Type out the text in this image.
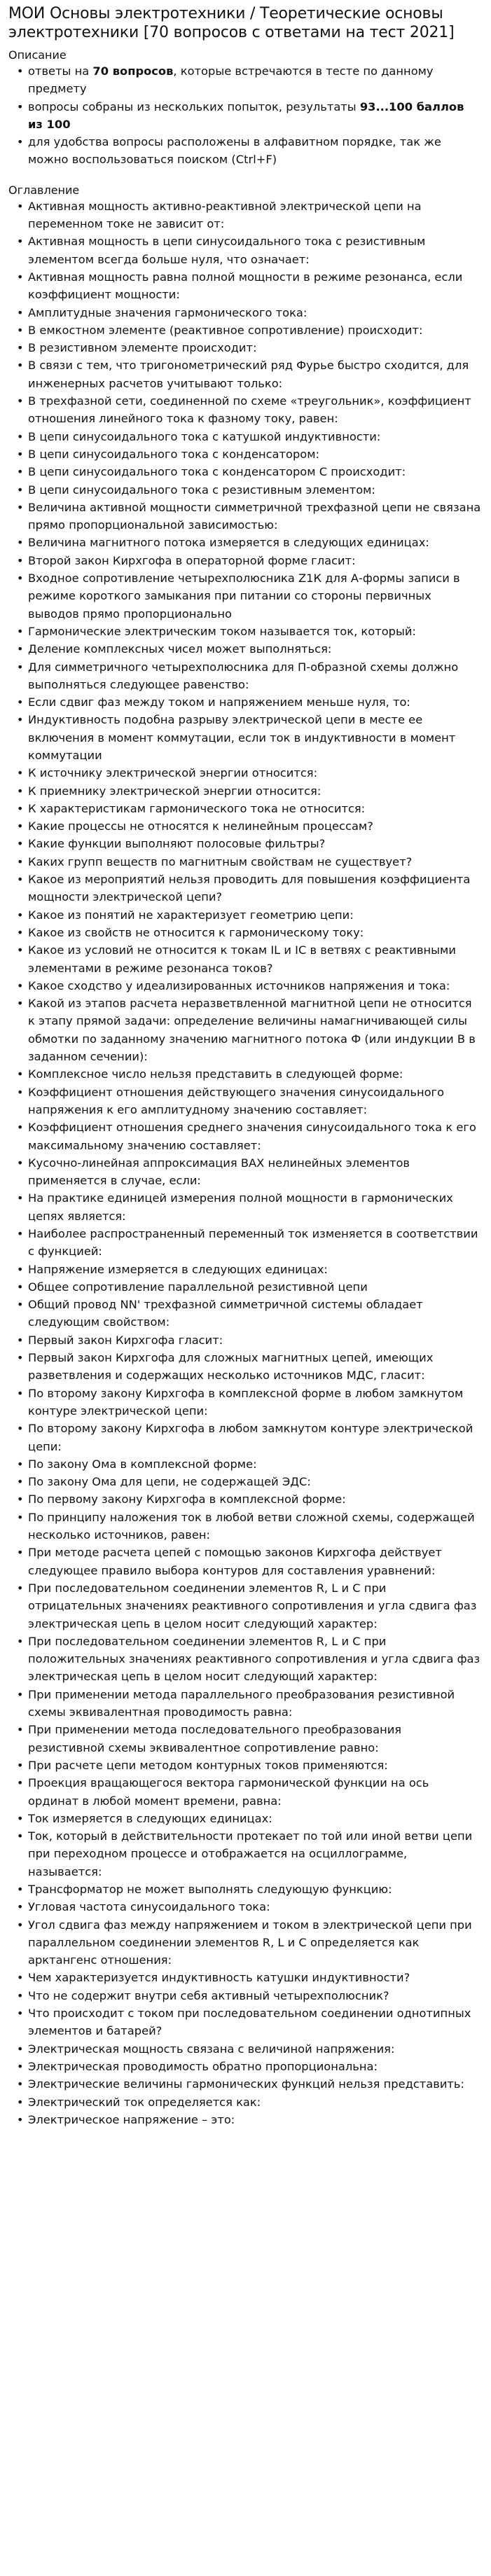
МОИ Основы электротехники / Теоретические основы электротехники [70 вопросов с ответами на тест 2021]
Описание
• ответы на 70 вопросов, которые встречаются в тесте по данному предмету
• вопросы собраны из нескольких попыток, результаты 93...100 баллов из 100
• для удобства вопросы расположены в алфавитном порядке, так же можно воспользоваться поиском (Ctrl+F)
Оглавление
• Активная мощность активно-реактивной электрической цепи на переменном токе не зависит от:
• Активная мощность в цепи синусоидального тока с резистивным элементом всегда больше нуля, что означает:
• Активная мощность равна полной мощности в режиме резонанса, если коэффициент мощности:
• Амплитудные значения гармонического тока:
• В емкостном элементе (реактивное сопротивление) происходит:
• В резистивном элементе происходит:
• В связи с тем, что тригонометрический ряд Фурье быстро сходится, для инженерных расчетов учитывают только:
• В трехфазной сети, соединенной по схеме «треугольник», коэффициент отношения линейного тока к фазному току, равен:
• В цепи синусоидального тока с катушкой индуктивности:
• В цепи синусоидального тока с конденсатором:
• В цепи синусоидального тока с конденсатором С происходит:
• В цепи синусоидального тока с резистивным элементом:
• Величина активной мощности симметричной трехфазной цепи не связана прямо пропорциональной зависимостью:
• Величина магнитного потока измеряется в следующих единицах:
• Второй закон Кирхгофа в операторной форме гласит:
• Входное сопротивление четырехполюсника Z1К для А-формы записи в режиме короткого замыкания при питании со стороны первичных выводов прямо пропорционально
• Гармонические электрическим током называется ток, который:
• Деление комплексных чисел может выполняться:
• Для симметричного четырехполюсника для П-образной схемы должно выполняться следующее равенство:
• Если сдвиг фаз между током и напряжением меньше нуля, то:
• Индуктивность подобна разрыву электрической цепи в месте ее включения в момент коммутации, если ток в индуктивности в момент коммутации
• К источнику электрической энергии относится:
• К приемнику электрической энергии относится:
• К характеристикам гармонического тока не относится:
• Какие процессы не относятся к нелинейным процессам?
• Какие функции выполняют полосовые фильтры?
• Каких групп веществ по магнитным свойствам не существует?
• Какое из мероприятий нельзя проводить для повышения коэффициента мощности электрической цепи?
• Какое из понятий не характеризует геометрию цепи:
• Какое из свойств не относится к гармоническому току:
• Какое из условий не относится к токам IL и IC в ветвях с реактивными элементами в режиме резонанса токов?
• Какое сходство у идеализированных источников напряжения и тока:
• Какой из этапов расчета неразветвленной магнитной цепи не относится к этапу прямой задачи: определение величины намагничивающей силы обмотки по заданному значению магнитного потока Ф (или индукции В в заданном сечении):
• Комплексное число нельзя представить в следующей форме:
• Коэффициент отношения действующего значения синусоидального напряжения к его амплитудному значению составляет:
• Коэффициент отношения среднего значения синусоидального тока к его максимальному значению составляет:
• Кусочно-линейная аппроксимация ВАХ нелинейных элементов применяется в случае, если:
• На практике единицей измерения полной мощности в гармонических цепях является:
• Наиболее распространенный переменный ток изменяется в соответствии с функцией:
• Напряжение измеряется в следующих единицах:
• Общее сопротивление параллельной резистивной цепи
• Общий провод NN' трехфазной симметричной системы обладает следующим свойством:
• Первый закон Кирхгофа гласит:
• Первый закон Кирхгофа для сложных магнитных цепей, имеющих разветвления и содержащих несколько источников МДС, гласит:
• По второму закону Кирхгофа в комплексной форме в любом замкнутом контуре электрической цепи:
• По второму закону Кирхгофа в любом замкнутом контуре электрической цепи:
• По закону Ома в комплексной форме:
• По закону Ома для цепи, не содержащей ЭДС:
• По первому закону Кирхгофа в комплексной форме:
• По принципу наложения ток в любой ветви сложной схемы, содержащей несколько источников, равен:
• При методе расчета цепей с помощью законов Кирхгофа действует следующее правило выбора контуров для составления уравнений:
• При последовательном соединении элементов R, L и С при отрицательных значениях реактивного сопротивления и угла сдвига фаз электрическая цепь в целом носит следующий характер:
• При последовательном соединении элементов R, L и С при положительных значениях реактивного сопротивления и угла сдвига фаз электрическая цепь в целом носит следующий характер:
• При применении метода параллельного преобразования резистивной схемы эквивалентная проводимость равна:
• При применении метода последовательного преобразования резистивной схемы эквивалентное сопротивление равно:
• При расчете цепи методом контурных токов применяются:
• Проекция вращающегося вектора гармонической функции на ось ординат в любой момент времени, равна:
• Ток измеряется в следующих единицах:
• Ток, который в действительности протекает по той или иной ветви цепи при переходном процессе и отображается на осциллограмме, называется:
• Трансформатор не может выполнять следующую функцию:
• Угловая частота синусоидального тока:
• Угол сдвига фаз между напряжением и током в электрической цепи при параллельном соединении элементов R, L и С определяется как арктангенс отношения:
• Чем характеризуется индуктивность катушки индуктивности?
• Что не содержит внутри себя активный четырехполюсник?
• Что происходит с током при последовательном соединении однотипных элементов и батарей?
• Электрическая мощность связана с величиной напряжения:
• Электрическая проводимость обратно пропорциональна:
• Электрические величины гармонических функций нельзя представить:
• Электрический ток определяется как:
• Электрическое напряжение – это:
